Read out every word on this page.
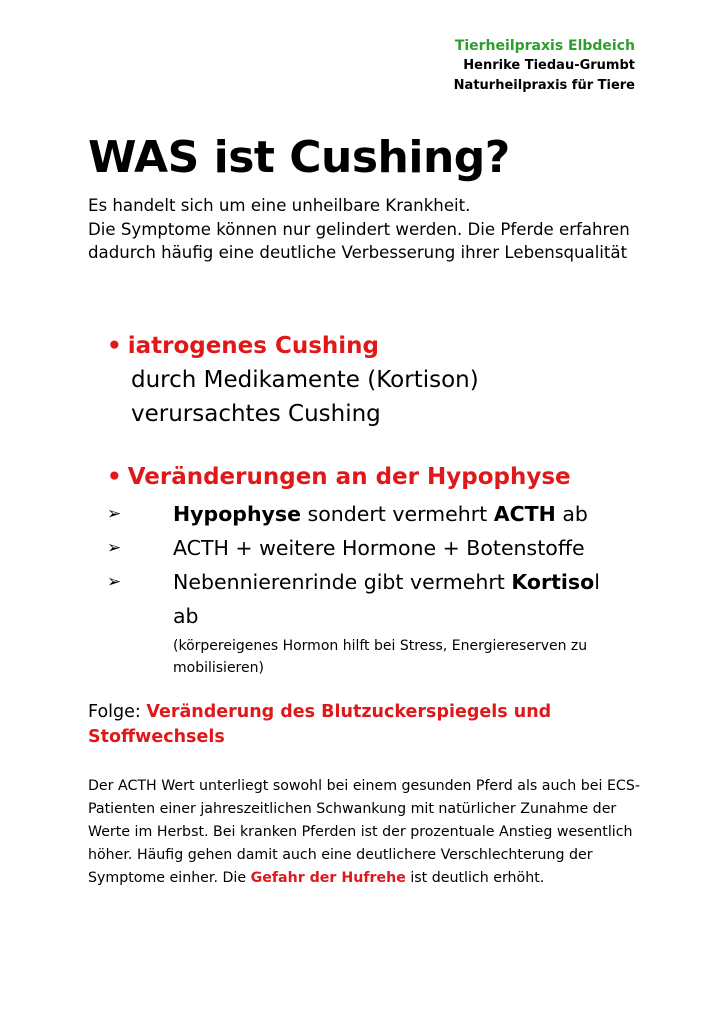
Tierheilpraxis Elbdeich
Henrike Tiedau-Grumbt
Naturheilpraxis für Tiere
WAS ist Cushing?
Es handelt sich um eine unheilbare Krankheit.
Die Symptome können nur gelindert werden. Die Pferde erfahren dadurch häufig eine deutliche Verbesserung ihrer Lebensqualität
• iatrogenes Cushing
durch Medikamente (Kortison)
verursachtes Cushing
• Veränderungen an der Hypophyse
➢	Hypophyse sondert vermehrt ACTH ab
➢	ACTH + weitere Hormone + Botenstoffe
➢	Nebennierenrinde gibt vermehrt Kortisol
ab
(körpereigenes Hormon hilft bei Stress, Energiereserven zu mobilisieren)
Folge: Veränderung des Blutzuckerspiegels und Stoffwechsels
Der ACTH Wert unterliegt sowohl bei einem gesunden Pferd als auch bei ECS-Patienten einer jahreszeitlichen Schwankung mit natürlicher Zunahme der Werte im Herbst. Bei kranken Pferden ist der prozentuale Anstieg wesentlich höher. Häufig gehen damit auch eine deutlichere Verschlechterung der Symptome einher. Die Gefahr der Hufrehe ist deutlich erhöht.
